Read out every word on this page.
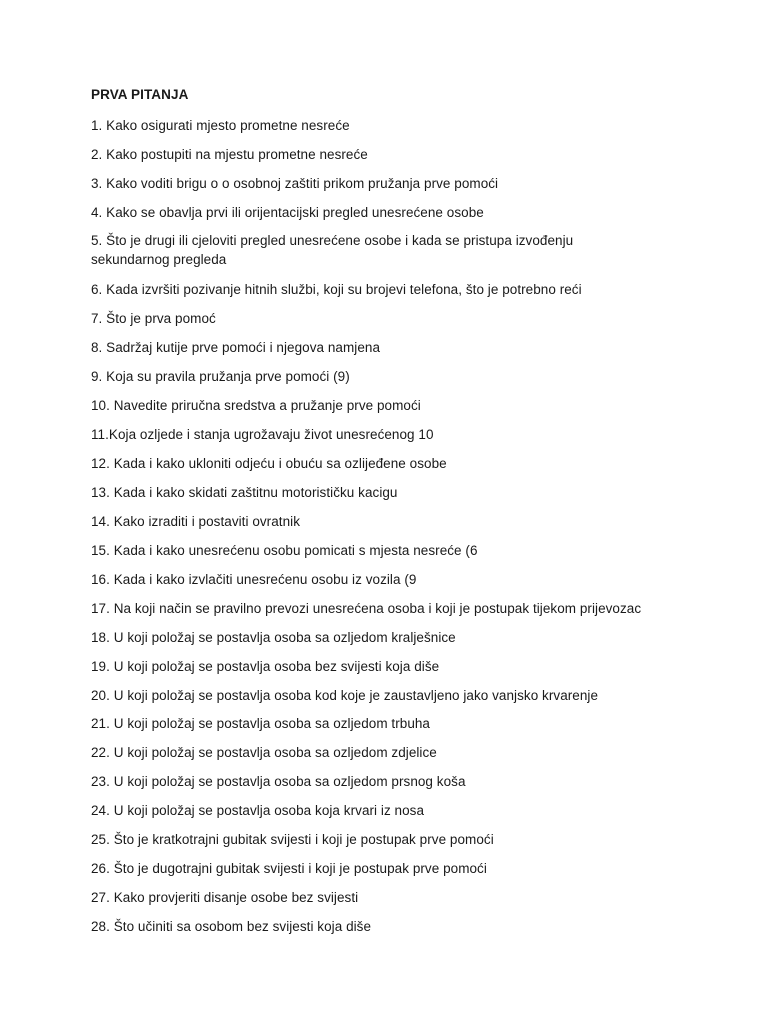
PRVA PITANJA
1. Kako osigurati mjesto prometne nesreće
2. Kako postupiti na mjestu prometne nesreće
3. Kako voditi brigu o o osobnoj zaštiti prikom pružanja prve pomoći
4. Kako se obavlja prvi ili orijentacijski pregled unesrećene osobe
5. Što je drugi ili cjeloviti pregled unesrećene osobe i kada se pristupa izvođenju sekundarnog pregleda
6. Kada izvršiti pozivanje hitnih službi, koji su brojevi telefona, što je potrebno reći
7. Što je prva pomoć
8. Sadržaj kutije prve pomoći i njegova namjena
9. Koja su pravila pružanja prve pomoći (9)
10. Navedite priručna sredstva a pružanje prve pomoći
11.Koja ozljede i stanja ugrožavaju život unesrećenog 10
12. Kada i kako ukloniti odjeću i obuću sa ozlijeđene osobe
13. Kada i kako skidati zaštitnu motorističku kacigu
14. Kako izraditi i postaviti ovratnik
15. Kada i kako unesrećenu osobu pomicati s mjesta nesreće (6
16. Kada i kako izvlačiti unesrećenu osobu iz vozila (9
17. Na koji način se pravilno prevozi unesrećena osoba i koji je postupak tijekom prijevozac
18. U koji položaj se postavlja osoba sa ozljedom kralješnice
19. U koji položaj se postavlja osoba bez svijesti koja diše
20. U koji položaj se postavlja osoba kod koje je zaustavljeno jako vanjsko krvarenje
21. U koji položaj se postavlja osoba sa ozljedom trbuha
22. U koji položaj se postavlja osoba sa ozljedom zdjelice
23. U koji položaj se postavlja osoba sa ozljedom prsnog koša
24. U koji položaj se postavlja osoba koja krvari iz nosa
25. Što je kratkotrajni gubitak svijesti i koji je postupak prve pomoći
26. Što je dugotrajni gubitak svijesti i koji je postupak prve pomoći
27. Kako provjeriti disanje osobe bez svijesti
28. Što učiniti sa osobom bez svijesti koja diše
